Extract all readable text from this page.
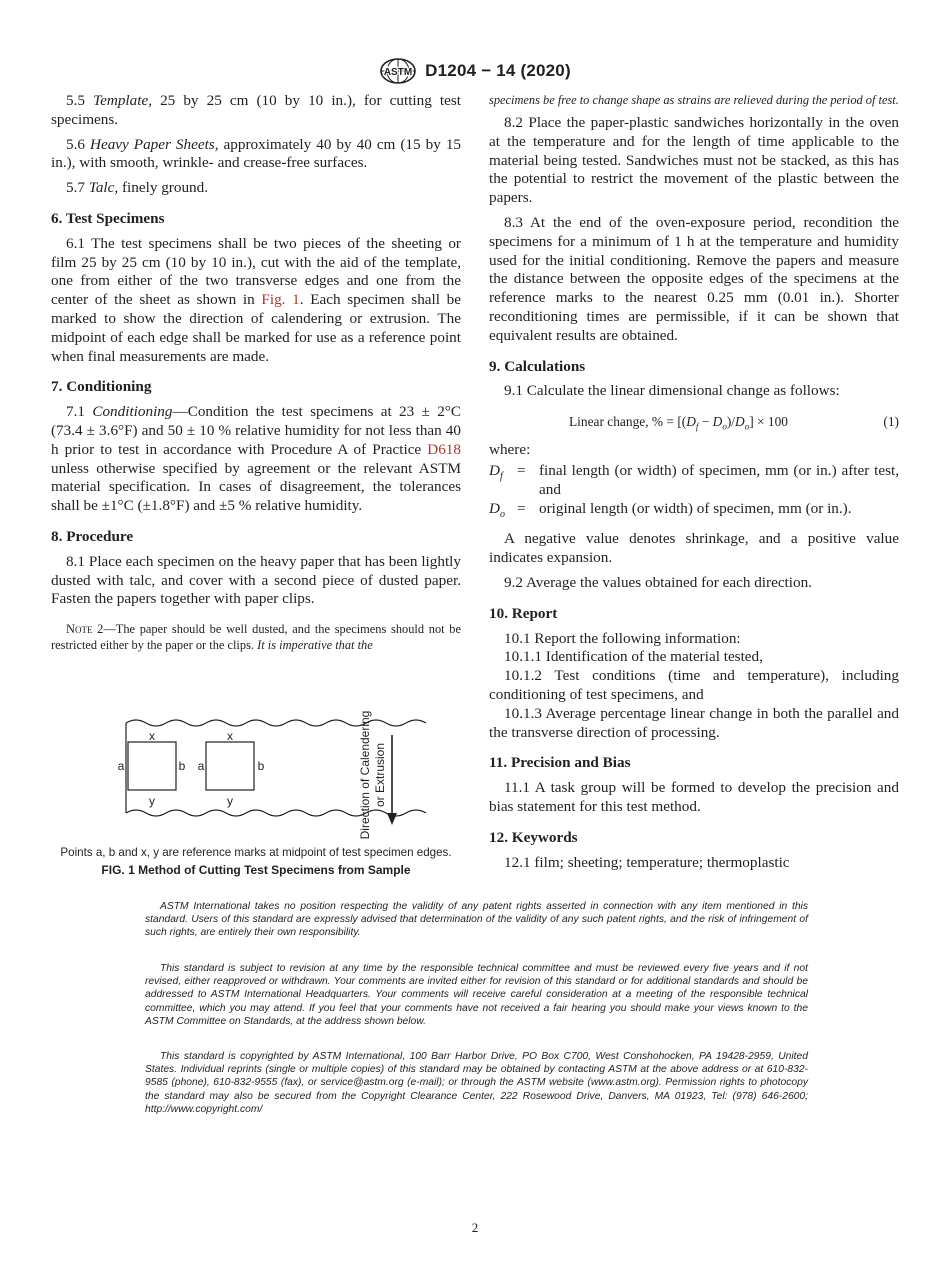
ASTM D1204 − 14 (2020)

5.5 Template, 25 by 25 cm (10 by 10 in.), for cutting test specimens.

5.6 Heavy Paper Sheets, approximately 40 by 40 cm (15 by 15 in.), with smooth, wrinkle- and crease-free surfaces.

5.7 Talc, finely ground.

6. Test Specimens

6.1 The test specimens shall be two pieces of the sheeting or film 25 by 25 cm (10 by 10 in.), cut with the aid of the template, one from either of the two transverse edges and one from the center of the sheet as shown in Fig. 1. Each specimen shall be marked to show the direction of calendering or extrusion. The midpoint of each edge shall be marked for use as a reference point when final measurements are made.

7. Conditioning

7.1 Conditioning—Condition the test specimens at 23 ± 2°C (73.4 ± 3.6°F) and 50 ± 10 % relative humidity for not less than 40 h prior to test in accordance with Procedure A of Practice D618 unless otherwise specified by agreement or the relevant ASTM material specification. In cases of disagreement, the tolerances shall be ±1°C (±1.8°F) and ±5 % relative humidity.

8. Procedure

8.1 Place each specimen on the heavy paper that has been lightly dusted with talc, and cover with a second piece of dusted paper. Fasten the papers together with paper clips.

Note 2—The paper should be well dusted, and the specimens should not be restricted either by the paper or the clips. It is imperative that the

x
y
a	b
x
y
a	b	Direction of Calendering or Extrusion
Points a, b and x, y are reference marks at midpoint of test specimen edges.
FIG. 1 Method of Cutting Test Specimens from Sample

specimens be free to change shape as strains are relieved during the period of test.

8.2 Place the paper-plastic sandwiches horizontally in the oven at the temperature and for the length of time applicable to the material being tested. Sandwiches must not be stacked, as this has the potential to restrict the movement of the plastic between the papers.

8.3 At the end of the oven-exposure period, recondition the specimens for a minimum of 1 h at the temperature and humidity used for the initial conditioning. Remove the papers and measure the distance between the opposite edges of the specimens at the reference marks to the nearest 0.25 mm (0.01 in.). Shorter reconditioning times are permissible, if it can be shown that equivalent results are obtained.

9. Calculations

9.1 Calculate the linear dimensional change as follows:

Linear change, % = $[(D_f - D_o)/D_o] \times 100$	(1)

where:

$D_f$ = final length (or width) of specimen, mm (or in.) after test, and
$D_o$ = original length (or width) of specimen, mm (or in.).

A negative value denotes shrinkage, and a positive value indicates expansion.

9.2 Average the values obtained for each direction.

10. Report

10.1 Report the following information:

10.1.1 Identification of the material tested,

10.1.2 Test conditions (time and temperature), including conditioning of test specimens, and

10.1.3 Average percentage linear change in both the parallel and the transverse direction of processing.

11. Precision and Bias

11.1 A task group will be formed to develop the precision and bias statement for this test method.

12. Keywords

12.1 film; sheeting; temperature; thermoplastic

ASTM International takes no position respecting the validity of any patent rights asserted in connection with any item mentioned in this standard. Users of this standard are expressly advised that determination of the validity of any such patent rights, and the risk of infringement of such rights, are entirely their own responsibility.

This standard is subject to revision at any time by the responsible technical committee and must be reviewed every five years and if not revised, either reapproved or withdrawn. Your comments are invited either for revision of this standard or for additional standards and should be addressed to ASTM International Headquarters. Your comments will receive careful consideration at a meeting of the responsible technical committee, which you may attend. If you feel that your comments have not received a fair hearing you should make your views known to the ASTM Committee on Standards, at the address shown below.

This standard is copyrighted by ASTM International, 100 Barr Harbor Drive, PO Box C700, West Conshohocken, PA 19428-2959, United States. Individual reprints (single or multiple copies) of this standard may be obtained by contacting ASTM at the above address or at 610-832-9585 (phone), 610-832-9555 (fax), or service@astm.org (e-mail); or through the ASTM website (www.astm.org). Permission rights to photocopy the standard may also be secured from the Copyright Clearance Center, 222 Rosewood Drive, Danvers, MA 01923, Tel: (978) 646-2600; http://www.copyright.com/

2
